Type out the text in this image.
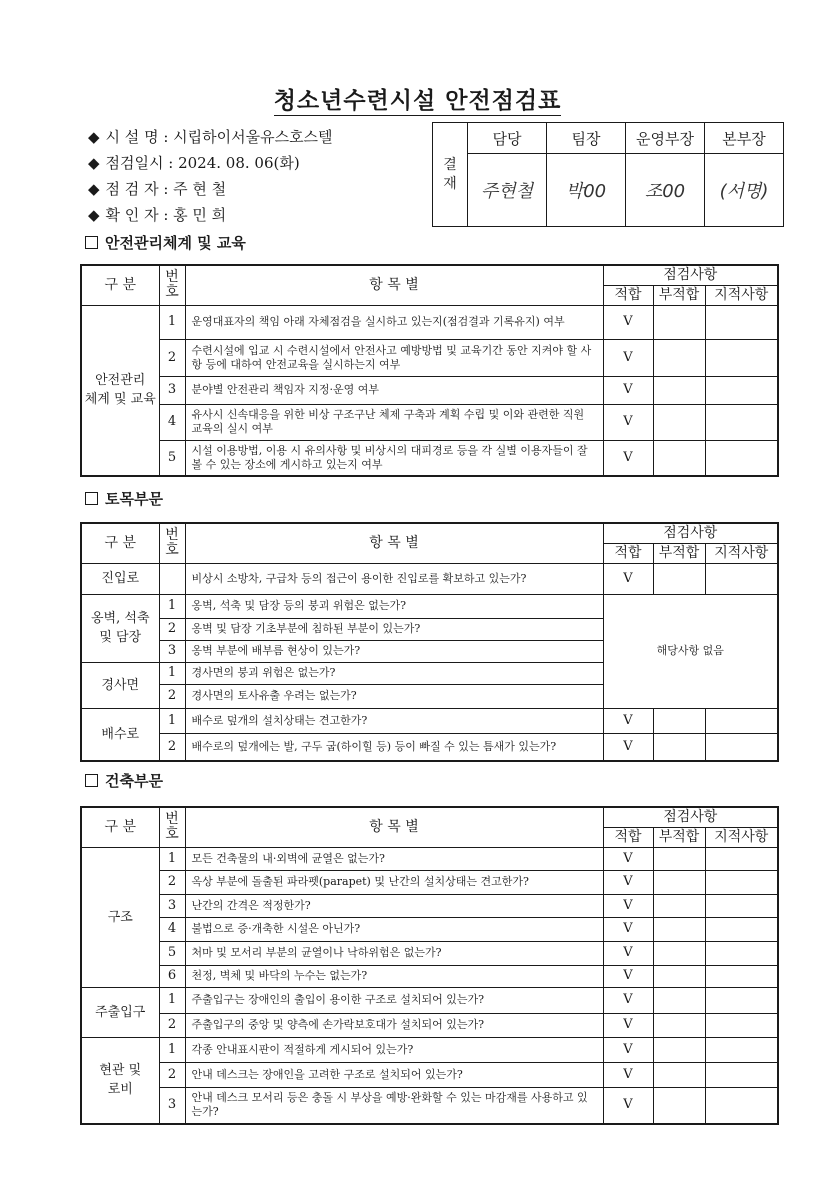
청소년수련시설 안전점검표
◆ 시 설 명 : 시립하이서울유스호스텔
◆ 점검일시 : 2024. 08. 06(화)
◆ 점 검 자 : 주 현 철
◆ 확 인 자 : 홍 민 희
결
재	담당	팀장	운영부장	본부장
	주현철	박00	조00	(서명)
안전관리체계 및 교육
구 분	번
호	항 목 별	점검사항		
			적합	부적합	지적사항
안전관리
체계 및 교육	1	운영대표자의 책임 아래 자체점검을 실시하고 있는지(점검결과 기록유지) 여부	V		
	2	수련시설에 입교 시 수련시설에서 안전사고 예방방법 및 교육기간 동안 지켜야 할 사항 등에 대하여 안전교육을 실시하는지 여부	V		
	3	분야별 안전관리 책임자 지정·운영 여부	V		
	4	유사시 신속대응을 위한 비상 구조구난 체제 구축과 계획 수립 및 이와 관련한 직원 교육의 실시 여부	V		
	5	시설 이용방법, 이용 시 유의사항 및 비상시의 대피경로 등을 각 실별 이용자들이 잘 볼 수 있는 장소에 게시하고 있는지 여부	V		
토목부문
구 분	번
호	항 목 별	점검사항		
			적합	부적합	지적사항
진입로		비상시 소방차, 구급차 등의 접근이 용이한 진입로를 확보하고 있는가?	V		
옹벽, 석축
및 담장	1	옹벽, 석축 및 담장 등의 붕괴 위험은 없는가?	해당사항 없음		
	2	옹벽 및 담장 기초부분에 침하된 부분이 있는가?			
	3	옹벽 부분에 배부름 현상이 있는가?			
경사면	1	경사면의 붕괴 위험은 없는가?			
	2	경사면의 토사유출 우려는 없는가?			
배수로	1	배수로 덮개의 설치상태는 견고한가?	V		
	2	배수로의 덮개에는 발, 구두 굽(하이힐 등) 등이 빠질 수 있는 틈새가 있는가?	V		
건축부문
구 분	번
호	항 목 별	점검사항		
			적합	부적합	지적사항
구조	1	모든 건축물의 내·외벽에 균열은 없는가?	V		
	2	옥상 부분에 돌출된 파라펫(parapet) 및 난간의 설치상태는 견고한가?	V		
	3	난간의 간격은 적정한가?	V		
	4	불법으로 증·개축한 시설은 아닌가?	V		
	5	처마 및 모서리 부분의 균열이나 낙하위험은 없는가?	V		
	6	천정, 벽체 및 바닥의 누수는 없는가?	V		
주출입구	1	주출입구는 장애인의 출입이 용이한 구조로 설치되어 있는가?	V		
	2	주출입구의 중앙 및 양측에 손가락보호대가 설치되어 있는가?	V		
현관 및
로비	1	각종 안내표시판이 적절하게 게시되어 있는가?	V		
	2	안내 데스크는 장애인을 고려한 구조로 설치되어 있는가?	V		
	3	안내 데스크 모서리 등은 충돌 시 부상을 예방·완화할 수 있는 마감재를 사용하고 있는가?	V		
